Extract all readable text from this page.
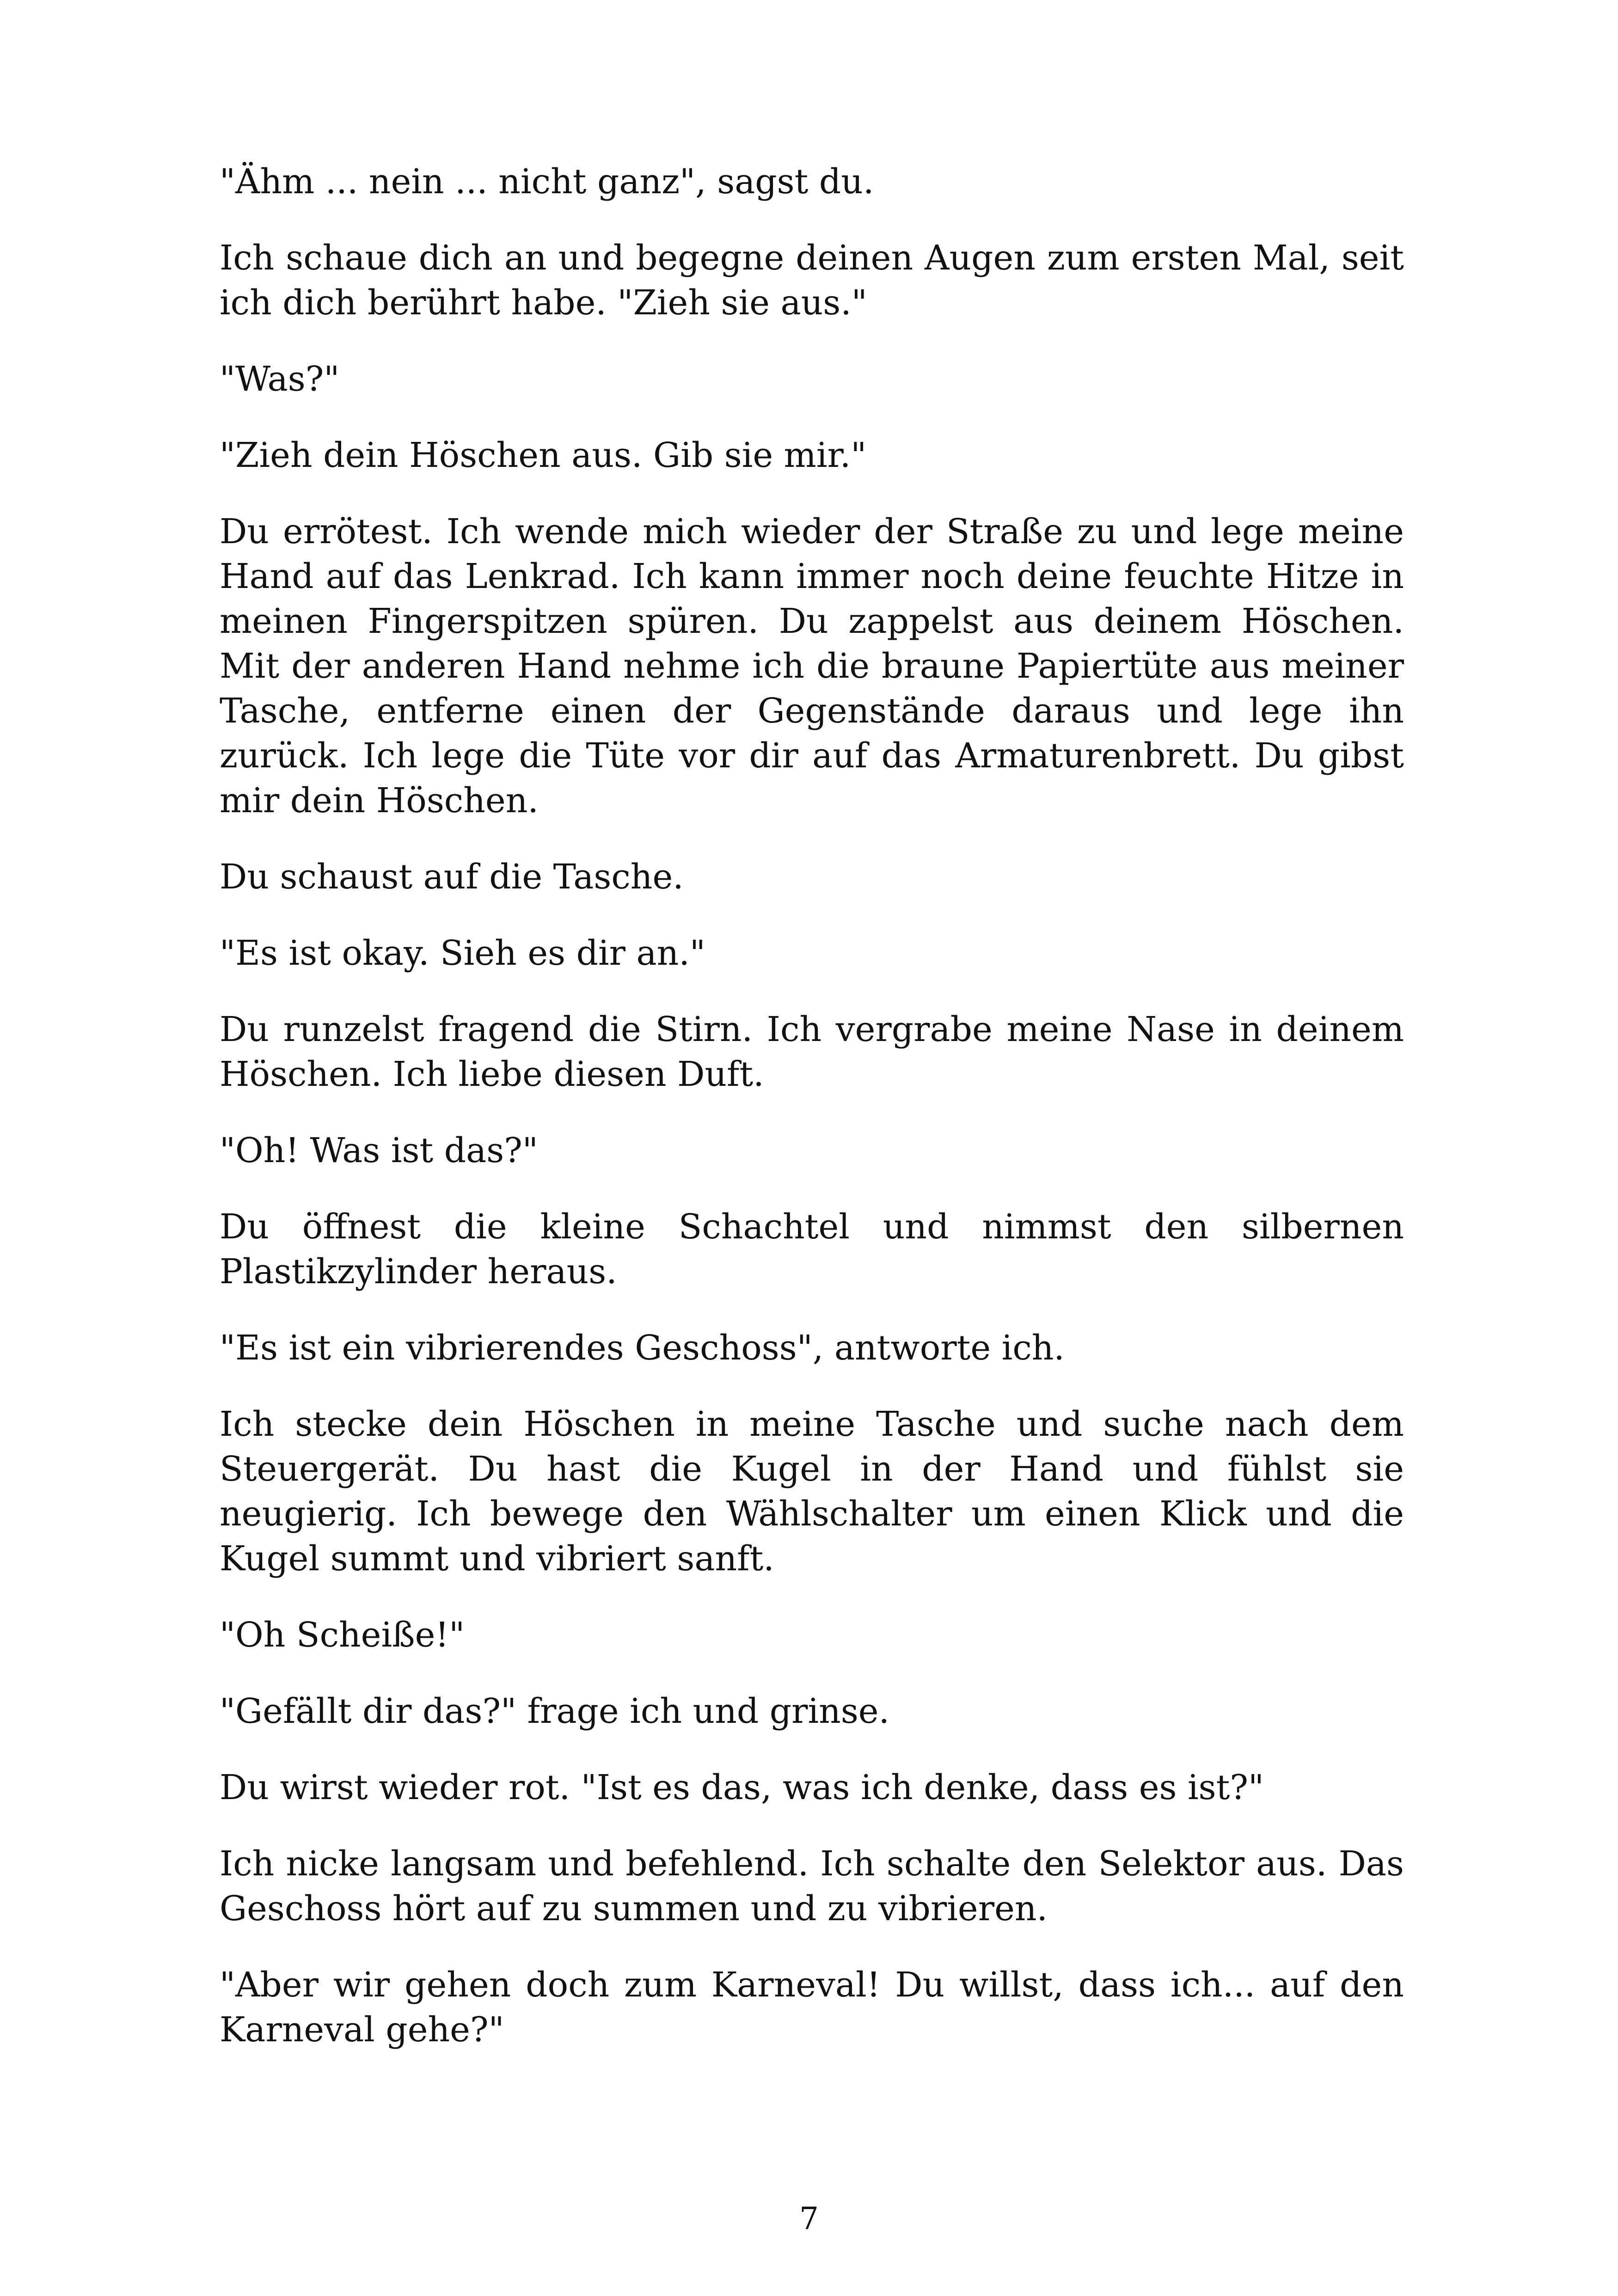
"Ähm ... nein ... nicht ganz", sagst du.

Ich schaue dich an und begegne deinen Augen zum ersten Mal, seit ich dich berührt habe. "Zieh sie aus."

"Was?"

"Zieh dein Höschen aus. Gib sie mir."

Du errötest. Ich wende mich wieder der Straße zu und lege meine Hand auf das Lenkrad. Ich kann immer noch deine feuchte Hitze in meinen Fingerspitzen spüren. Du zappelst aus deinem Höschen. Mit der anderen Hand nehme ich die braune Papiertüte aus meiner Tasche, entferne einen der Gegenstände daraus und lege ihn zurück. Ich lege die Tüte vor dir auf das Armaturenbrett. Du gibst mir dein Höschen.

Du schaust auf die Tasche.

"Es ist okay. Sieh es dir an."

Du runzelst fragend die Stirn. Ich vergrabe meine Nase in deinem Höschen. Ich liebe diesen Duft.

"Oh! Was ist das?"

Du öffnest die kleine Schachtel und nimmst den silbernen Plastikzylinder heraus.

"Es ist ein vibrierendes Geschoss", antworte ich.

Ich stecke dein Höschen in meine Tasche und suche nach dem Steuergerät. Du hast die Kugel in der Hand und fühlst sie neugierig. Ich bewege den Wählschalter um einen Klick und die Kugel summt und vibriert sanft.

"Oh Scheiße!"

"Gefällt dir das?" frage ich und grinse.

Du wirst wieder rot. "Ist es das, was ich denke, dass es ist?"

Ich nicke langsam und befehlend. Ich schalte den Selektor aus. Das Geschoss hört auf zu summen und zu vibrieren.

"Aber wir gehen doch zum Karneval! Du willst, dass ich... auf den Karneval gehe?"

7
